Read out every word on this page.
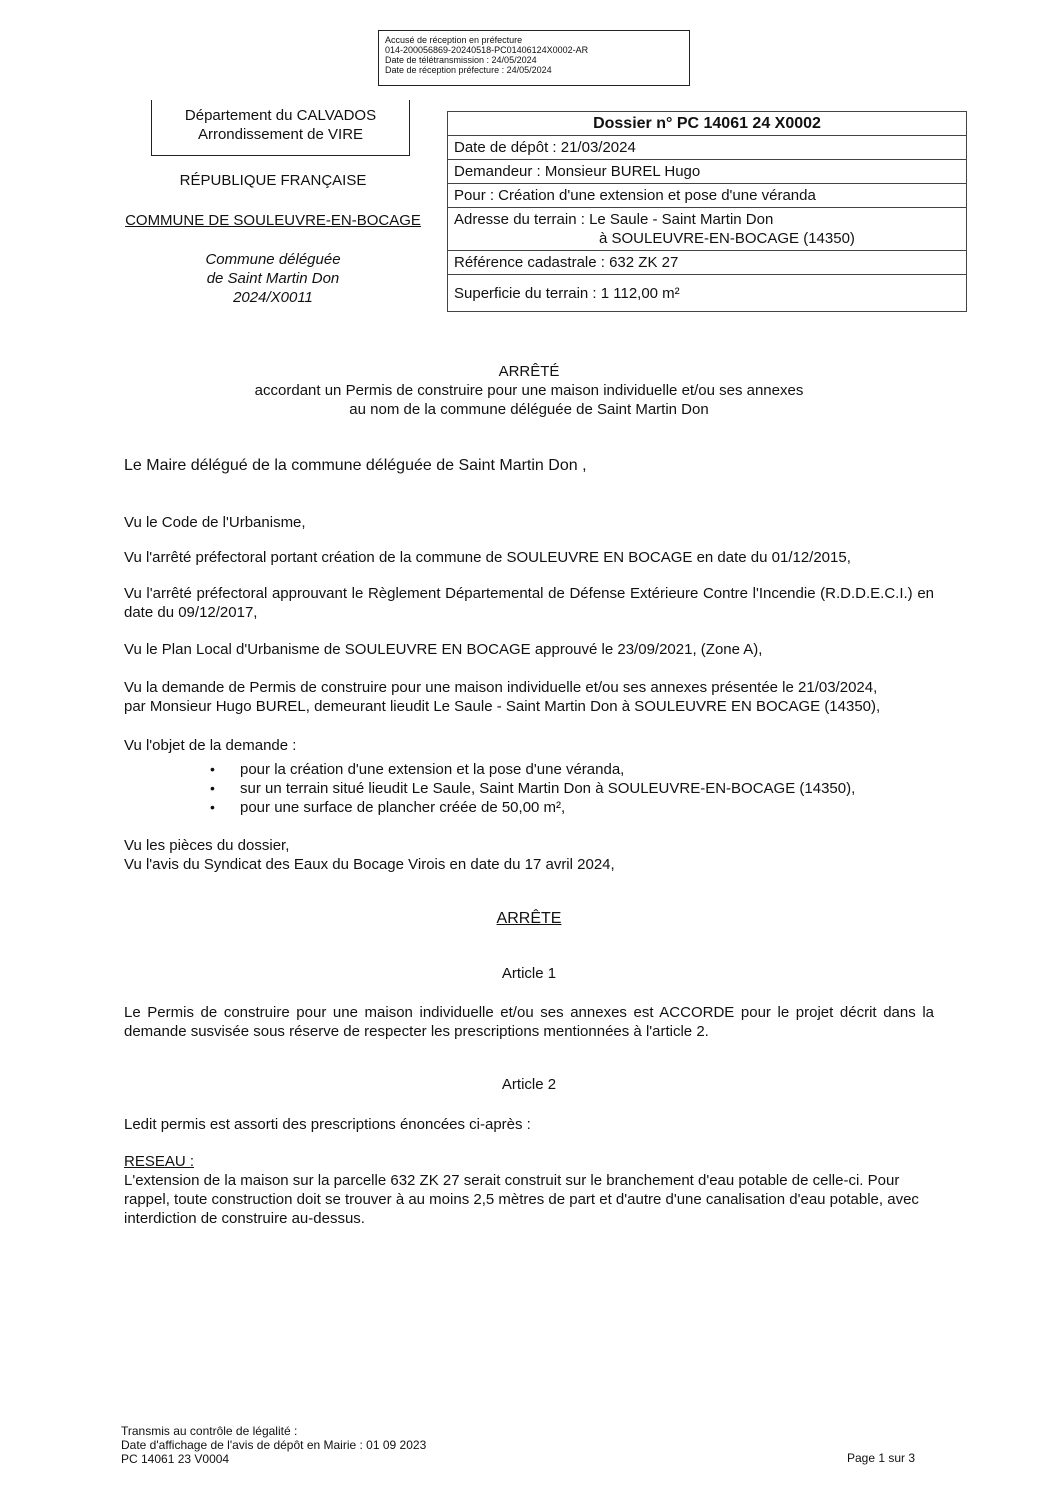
Accusé de réception en préfecture
014-200056869-20240518-PC01406124X0002-AR
Date de télétransmission : 24/05/2024
Date de réception préfecture : 24/05/2024
Département du CALVADOS
Arrondissement de VIRE
RÉPUBLIQUE FRANÇAISE
COMMUNE DE SOULEUVRE-EN-BOCAGE
Commune déléguée
de Saint Martin Don
2024/X0011
Dossier n° PC 14061 24 X0002
Date de dépôt : 21/03/2024
Demandeur : Monsieur BUREL Hugo
Pour : Création d'une extension et pose d'une véranda
Adresse du terrain : Le Saule - Saint Martin Don
à SOULEUVRE-EN-BOCAGE (14350)
Référence cadastrale : 632 ZK 27
Superficie du terrain : 1 112,00 m²
ARRÊTÉ
accordant un Permis de construire pour une maison individuelle et/ou ses annexes
au nom de la commune déléguée de Saint Martin Don
Le Maire délégué de la commune déléguée de Saint Martin Don ,
Vu le Code de l'Urbanisme,
Vu l'arrêté préfectoral portant création de la commune de SOULEUVRE EN BOCAGE en date du 01/12/2015,
Vu l'arrêté préfectoral approuvant le Règlement Départemental de Défense Extérieure Contre l'Incendie (R.D.D.E.C.I.) en date du 09/12/2017,
Vu le Plan Local d'Urbanisme de SOULEUVRE EN BOCAGE approuvé le 23/09/2021, (Zone A),
Vu la demande de Permis de construire pour une maison individuelle et/ou ses annexes présentée le 21/03/2024,
par Monsieur Hugo BUREL, demeurant lieudit Le Saule - Saint Martin Don à SOULEUVRE EN BOCAGE (14350),
Vu l'objet de la demande :
• pour la création d'une extension et la pose d'une véranda,
• sur un terrain situé lieudit Le Saule, Saint Martin Don à SOULEUVRE-EN-BOCAGE (14350),
• pour une surface de plancher créée de 50,00 m²,
Vu les pièces du dossier,
Vu l'avis du Syndicat des Eaux du Bocage Virois en date du 17 avril 2024,
ARRÊTE
Article 1
Le Permis de construire pour une maison individuelle et/ou ses annexes est ACCORDE pour le projet décrit dans la demande susvisée sous réserve de respecter les prescriptions mentionnées à l'article 2.
Article 2
Ledit permis est assorti des prescriptions énoncées ci-après :
RESEAU :
L'extension de la maison sur la parcelle 632 ZK 27 serait construit sur le branchement d'eau potable de celle-ci. Pour rappel, toute construction doit se trouver à au moins 2,5 mètres de part et d'autre d'une canalisation d'eau potable, avec interdiction de construire au-dessus.
Transmis au contrôle de légalité :
Date d'affichage de l'avis de dépôt en Mairie : 01 09 2023
PC 14061 23 V0004	Page 1 sur 3
